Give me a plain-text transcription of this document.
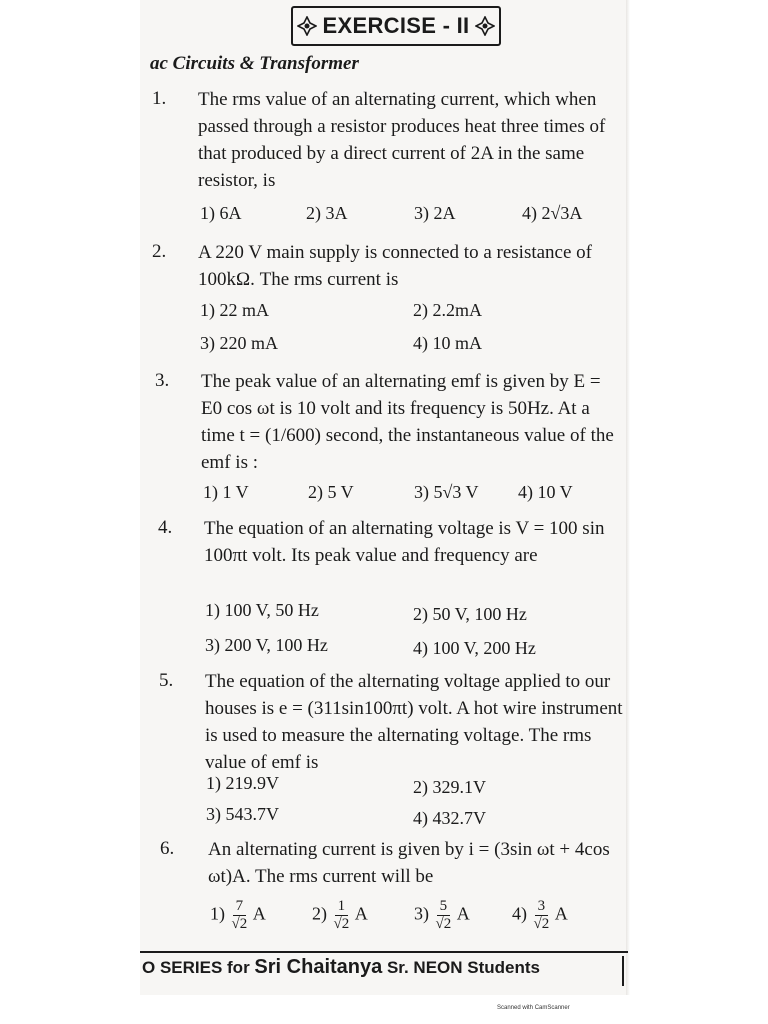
EXERCISE - II
ac Circuits & Transformer
1. The rms value of an alternating current, which when passed through a resistor produces heat three times of that produced by a direct current of 2A in the same resistor, is
1) 6A	2) 3A	3) 2A	4) 2√3A
2. A 220 V main supply is connected to a resistance of 100kΩ. The rms current is
1) 22 mA	2) 2.2mA
3) 220 mA	4) 10 mA
3. The peak value of an alternating emf is given by E = E0 cos ωt is 10 volt and its frequency is 50Hz. At a time t = (1/600) second, the instantaneous value of the emf is :
1) 1 V	2) 5 V	3) 5√3 V 4) 10 V
4. The equation of an alternating voltage is V = 100 sin 100πt volt. Its peak value and frequency are
1) 100 V, 50 Hz	2) 50 V, 100 Hz
3) 200 V, 100 Hz	4) 100 V, 200 Hz
5. The equation of the alternating voltage applied to our houses is e = (311sin100πt) volt. A hot wire instrument is used to measure the alternating voltage. The rms value of emf is
1) 219.9V	2) 329.1V
3) 543.7V	4) 432.7V
6. An alternating current is given by i = (3sin ωt + 4cos ωt)A. The rms current will be
$1) \frac{7}{√2}$ A	$2) \frac{1}{√2}$ A	$3) \frac{5}{√2}$ A $4) \frac{3}{√2}$ A
O SERIES for Sri Chaitanya Sr. NEON Students
Scanned with CamScanner
